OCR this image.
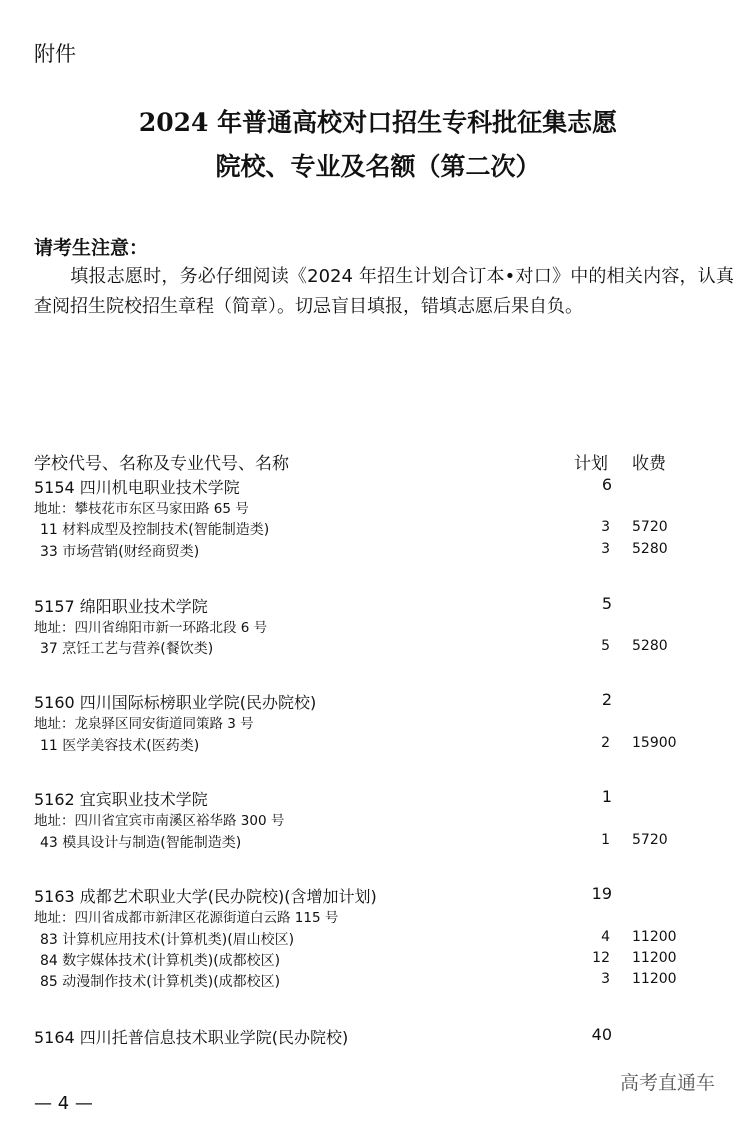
附件
2024 年普通高校对口招生专科批征集志愿
院校、专业及名额（第二次）
请考生注意：
填报志愿时，务必仔细阅读《2024 年招生计划合订本•对口》中的相关内容，认真查阅招生院校招生章程（简章）。切忌盲目填报，错填志愿后果自负。
学校代号、名称及专业代号、名称	计划 收费
5154 四川机电职业技术学院	6
地址：攀枝花市东区马家田路 65 号
11 材料成型及控制技术(智能制造类)	3 5720
33 市场营销(财经商贸类)	3 5280
5157 绵阳职业技术学院	5
地址：四川省绵阳市新一环路北段 6 号
37 烹饪工艺与营养(餐饮类)	5 5280
5160 四川国际标榜职业学院(民办院校)	2
地址：龙泉驿区同安街道同策路 3 号
11 医学美容技术(医药类)	2 15900
5162 宜宾职业技术学院	1
地址：四川省宜宾市南溪区裕华路 300 号
43 模具设计与制造(智能制造类)	1 5720
5163 成都艺术职业大学(民办院校)(含增加计划)	19
地址：四川省成都市新津区花源街道白云路 115 号
83 计算机应用技术(计算机类)(眉山校区)	4 11200
84 数字媒体技术(计算机类)(成都校区)	12 11200
85 动漫制作技术(计算机类)(成都校区)	3 11200
5164 四川托普信息技术职业学院(民办院校)	40
高考直通车
— 4 —
